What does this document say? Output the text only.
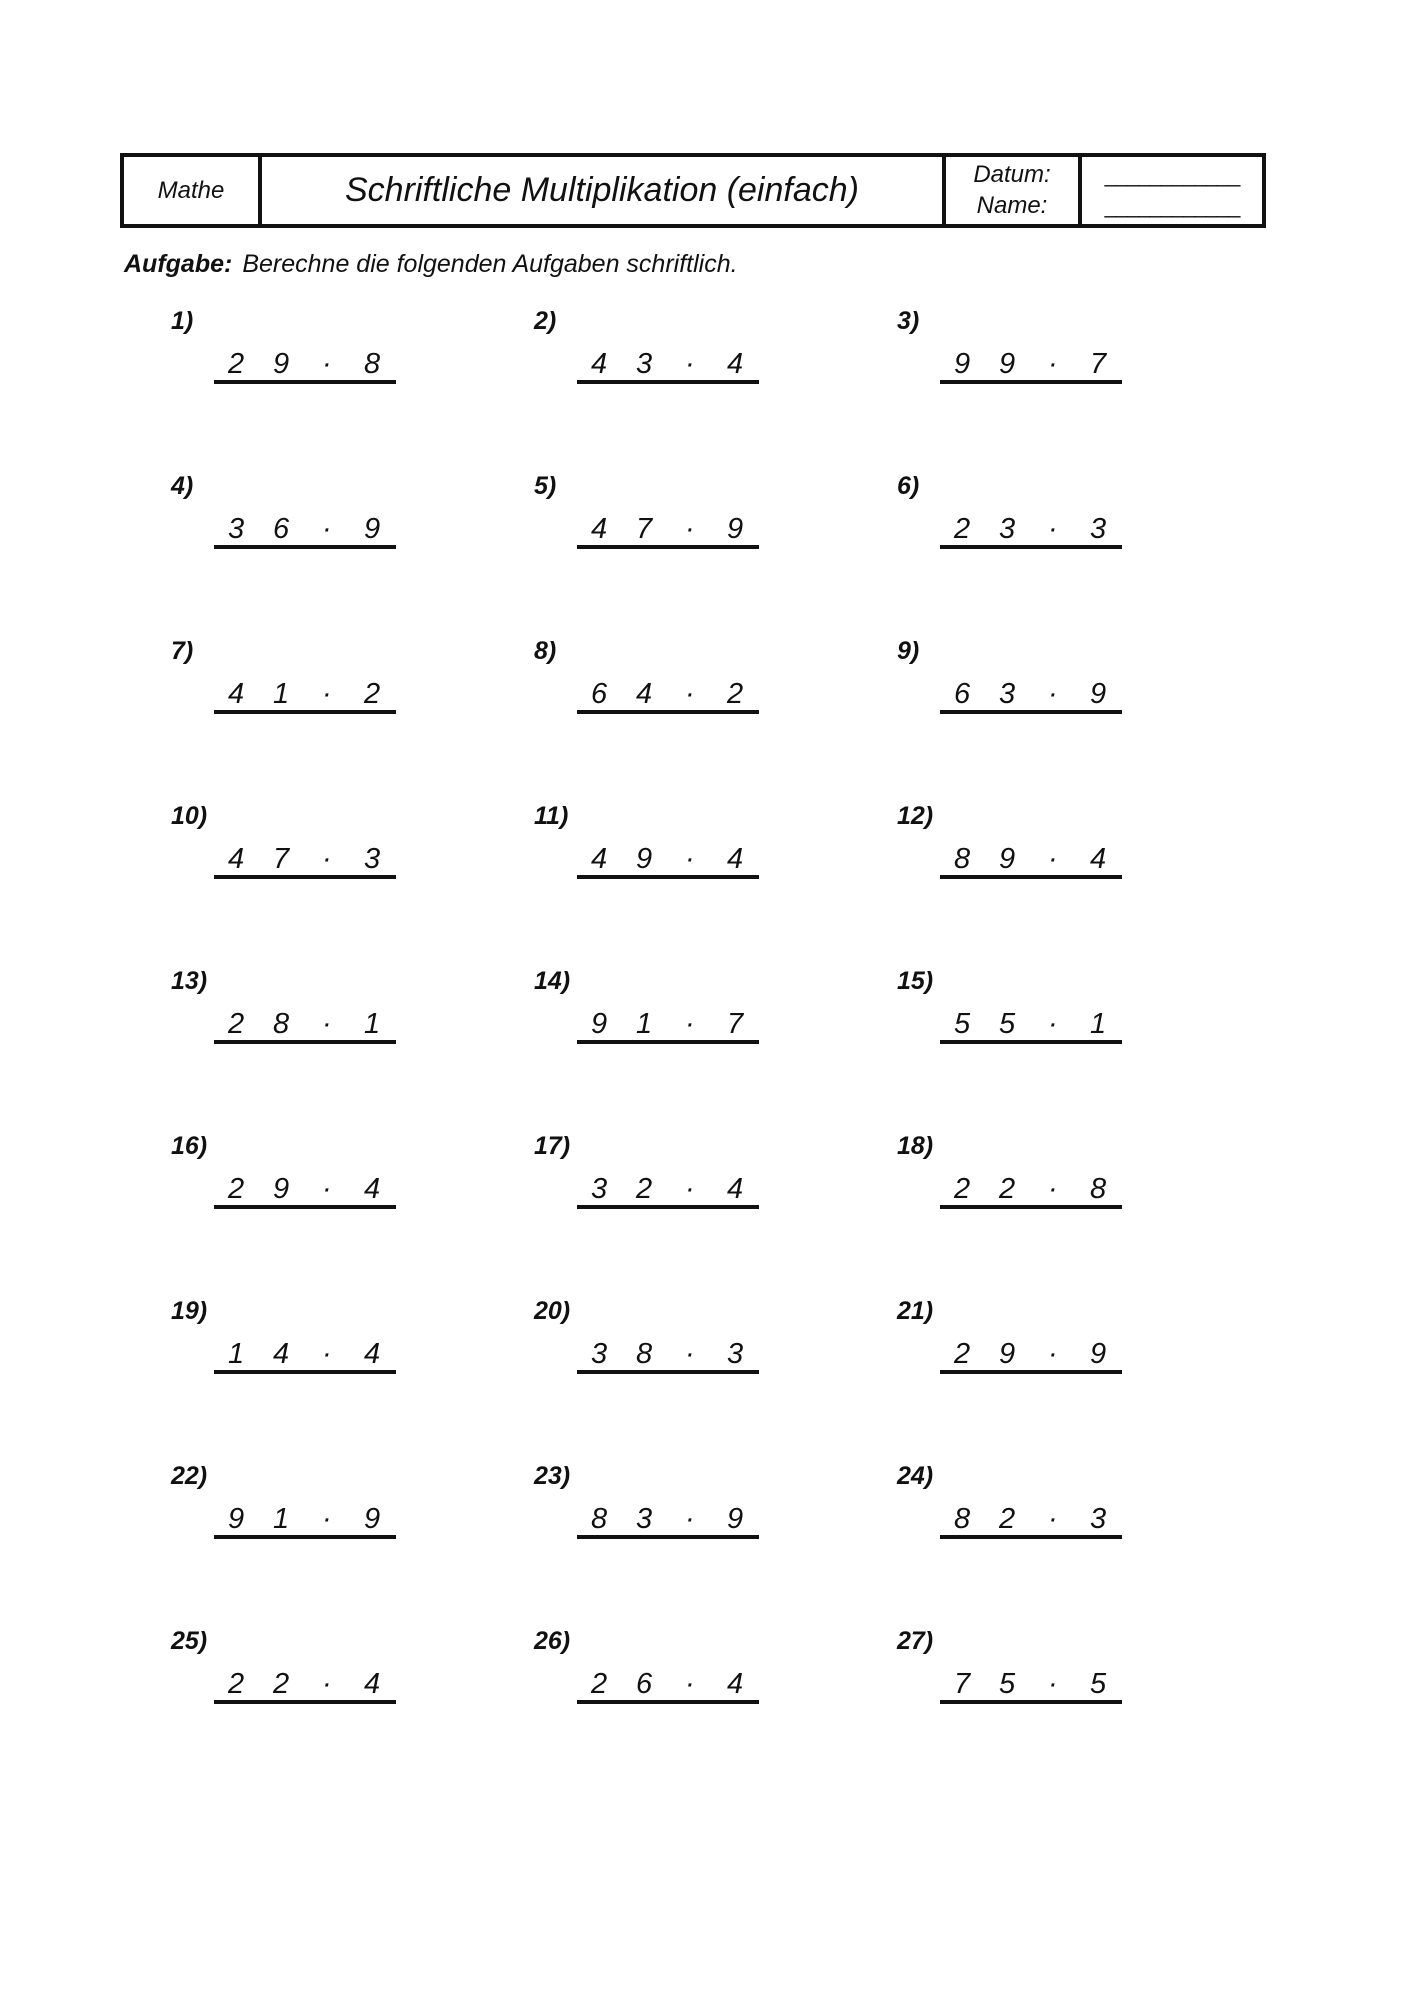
Mathe	Schriftliche Multiplikation (einfach)	Datum:
Name:
____________
____________
Aufgabe: Berechne die folgenden Aufgaben schriftlich.
1)
2 9 · 8
2)
4 3 · 4
3)
9 9 · 7
4)
3 6 · 9
5)
4 7 · 9
6)
2 3 · 3
7)
4 1 · 2
8)
6 4 · 2
9)
6 3 · 9
10)
4 7 · 3
11)
4 9 · 4
12)
8 9 · 4
13)
2 8 · 1
14)
9 1 · 7
15)
5 5 · 1
16)
2 9 · 4
17)
3 2 · 4
18)
2 2 · 8
19)
1 4 · 4
20)
3 8 · 3
21)
2 9 · 9
22)
9 1 · 9
23)
8 3 · 9
24)
8 2 · 3
25)
2 2 · 4
26)
2 6 · 4
27)
7 5 · 5
